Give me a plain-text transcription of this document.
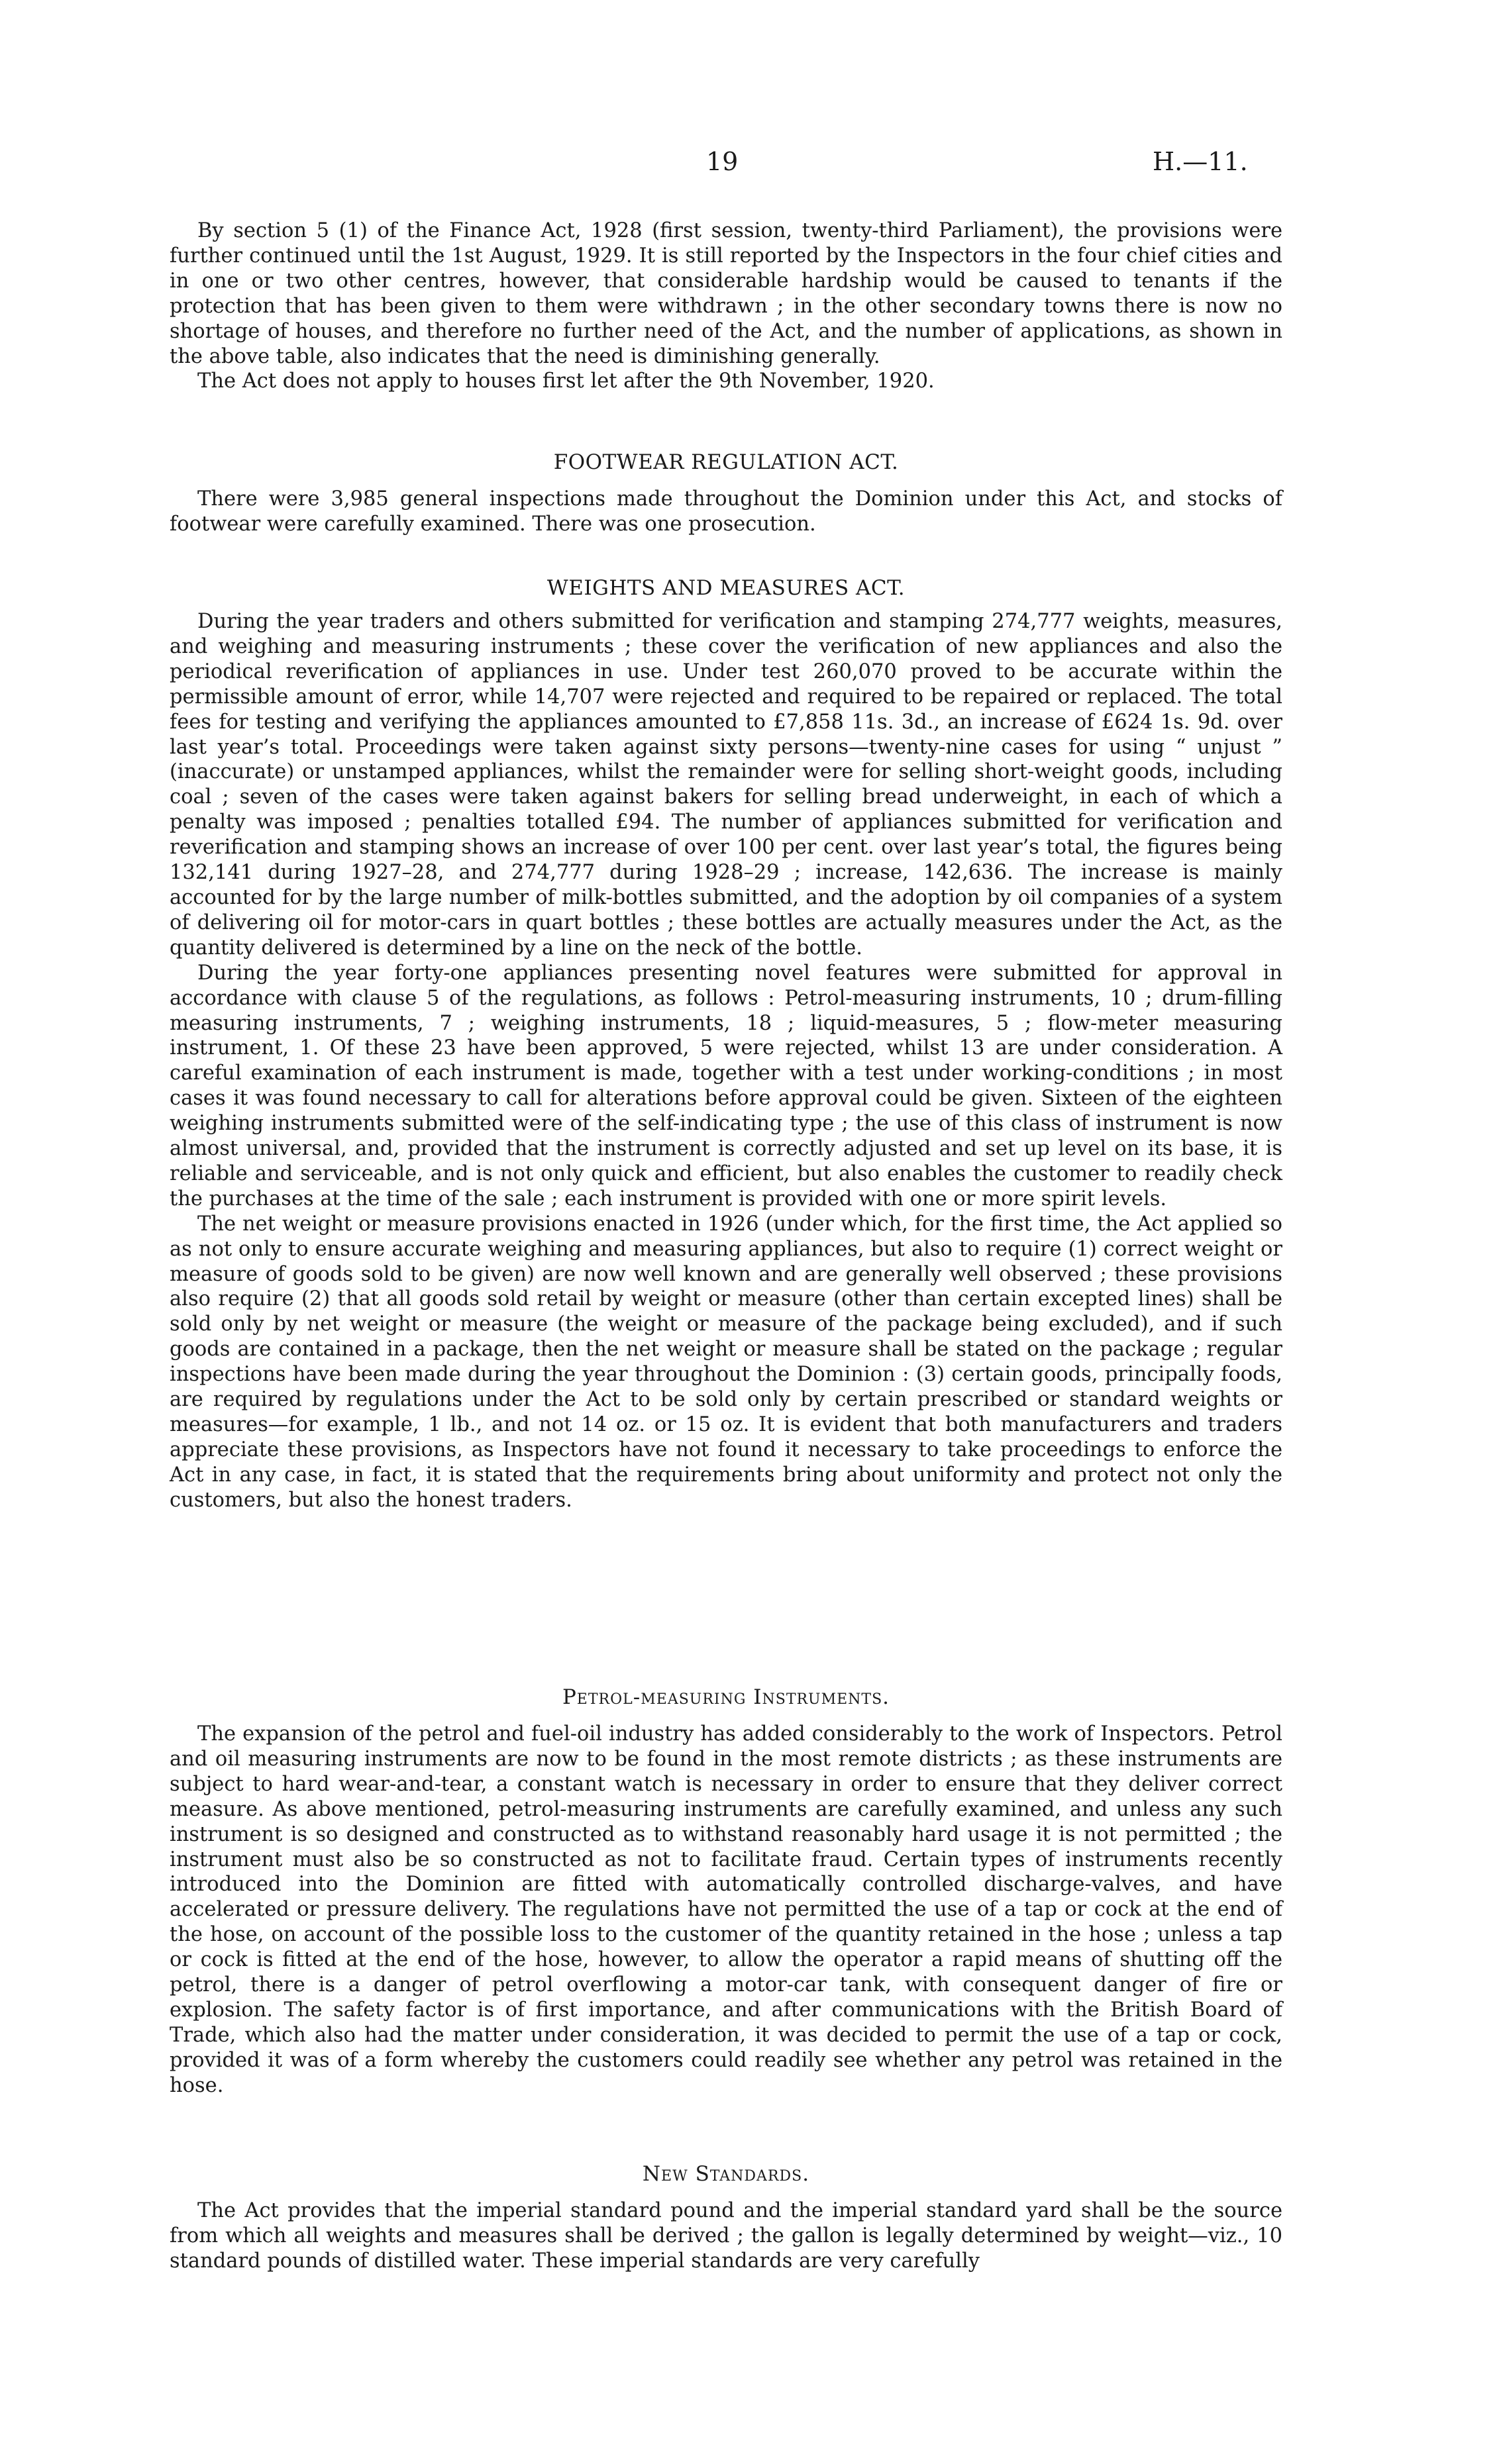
19	H.—11.

By section 5 (1) of the Finance Act, 1928 (first session, twenty-third Parliament), the provisions were further continued until the 1st August, 1929. It is still reported by the Inspectors in the four chief cities and in one or two other centres, however, that considerable hardship would be caused to tenants if the protection that has been given to them were withdrawn ; in the other secondary towns there is now no shortage of houses, and therefore no further need of the Act, and the number of applications, as shown in the above table, also indicates that the need is diminishing generally.

The Act does not apply to houses first let after the 9th November, 1920.

FOOTWEAR REGULATION ACT.

There were 3,985 general inspections made throughout the Dominion under this Act, and stocks of footwear were carefully examined. There was one prosecution.

WEIGHTS AND MEASURES ACT.

During the year traders and others submitted for verification and stamping 274,777 weights, measures, and weighing and measuring instruments ; these cover the verification of new appliances and also the periodical reverification of appliances in use. Under test 260,070 proved to be accurate within the permissible amount of error, while 14,707 were rejected and required to be repaired or replaced. The total fees for testing and verifying the appliances amounted to £7,858 11s. 3d., an increase of £624 1s. 9d. over last year’s total. Proceedings were taken against sixty persons—twenty-nine cases for using “ unjust ” (inaccurate) or unstamped appliances, whilst the remainder were for selling short-weight goods, including coal ; seven of the cases were taken against bakers for selling bread underweight, in each of which a penalty was imposed ; penalties totalled £94. The number of appliances submitted for verification and reverification and stamping shows an increase of over 100 per cent. over last year’s total, the figures being 132,141 during 1927–28, and 274,777 during 1928–29 ; increase, 142,636. The increase is mainly accounted for by the large number of milk-bottles submitted, and the adoption by oil companies of a system of delivering oil for motor-cars in quart bottles ; these bottles are actually measures under the Act, as the quantity delivered is determined by a line on the neck of the bottle.

During the year forty-one appliances presenting novel features were submitted for approval in accordance with clause 5 of the regulations, as follows : Petrol-measuring instruments, 10 ; drum-filling measuring instruments, 7 ; weighing instruments, 18 ; liquid-measures, 5 ; flow-meter measuring instrument, 1. Of these 23 have been approved, 5 were rejected, whilst 13 are under consideration. A careful examination of each instrument is made, together with a test under working-conditions ; in most cases it was found necessary to call for alterations before approval could be given. Sixteen of the eighteen weighing instruments submitted were of the self-indicating type ; the use of this class of instrument is now almost universal, and, provided that the instrument is correctly adjusted and set up level on its base, it is reliable and serviceable, and is not only quick and efficient, but also enables the customer to readily check the purchases at the time of the sale ; each instrument is provided with one or more spirit levels.

The net weight or measure provisions enacted in 1926 (under which, for the first time, the Act applied so as not only to ensure accurate weighing and measuring appliances, but also to require (1) correct weight or measure of goods sold to be given) are now well known and are generally well observed ; these provisions also require (2) that all goods sold retail by weight or measure (other than certain excepted lines) shall be sold only by net weight or measure (the weight or measure of the package being excluded), and if such goods are contained in a package, then the net weight or measure shall be stated on the package ; regular inspections have been made during the year throughout the Dominion : (3) certain goods, principally foods, are required by regulations under the Act to be sold only by certain prescribed or standard weights or measures—for example, 1 lb., and not 14 oz. or 15 oz. It is evident that both manufacturers and traders appreciate these provisions, as Inspectors have not found it necessary to take proceedings to enforce the Act in any case, in fact, it is stated that the requirements bring about uniformity and protect not only the customers, but also the honest traders.

Petrol-measuring Instruments.

The expansion of the petrol and fuel-oil industry has added considerably to the work of Inspectors. Petrol and oil measuring instruments are now to be found in the most remote districts ; as these instruments are subject to hard wear-and-tear, a constant watch is necessary in order to ensure that they deliver correct measure. As above mentioned, petrol-measuring instruments are carefully examined, and unless any such instrument is so designed and constructed as to withstand reasonably hard usage it is not permitted ; the instrument must also be so constructed as not to facilitate fraud. Certain types of instruments recently introduced into the Dominion are fitted with automatically controlled discharge-valves, and have accelerated or pressure delivery. The regulations have not permitted the use of a tap or cock at the end of the hose, on account of the possible loss to the customer of the quantity retained in the hose ; unless a tap or cock is fitted at the end of the hose, however, to allow the operator a rapid means of shutting off the petrol, there is a danger of petrol overflowing a motor-car tank, with consequent danger of fire or explosion. The safety factor is of first importance, and after communications with the British Board of Trade, which also had the matter under consideration, it was decided to permit the use of a tap or cock, provided it was of a form whereby the customers could readily see whether any petrol was retained in the hose.

New Standards.

The Act provides that the imperial standard pound and the imperial standard yard shall be the source from which all weights and measures shall be derived ; the gallon is legally determined by weight—viz., 10 standard pounds of distilled water. These imperial standards are very carefully
